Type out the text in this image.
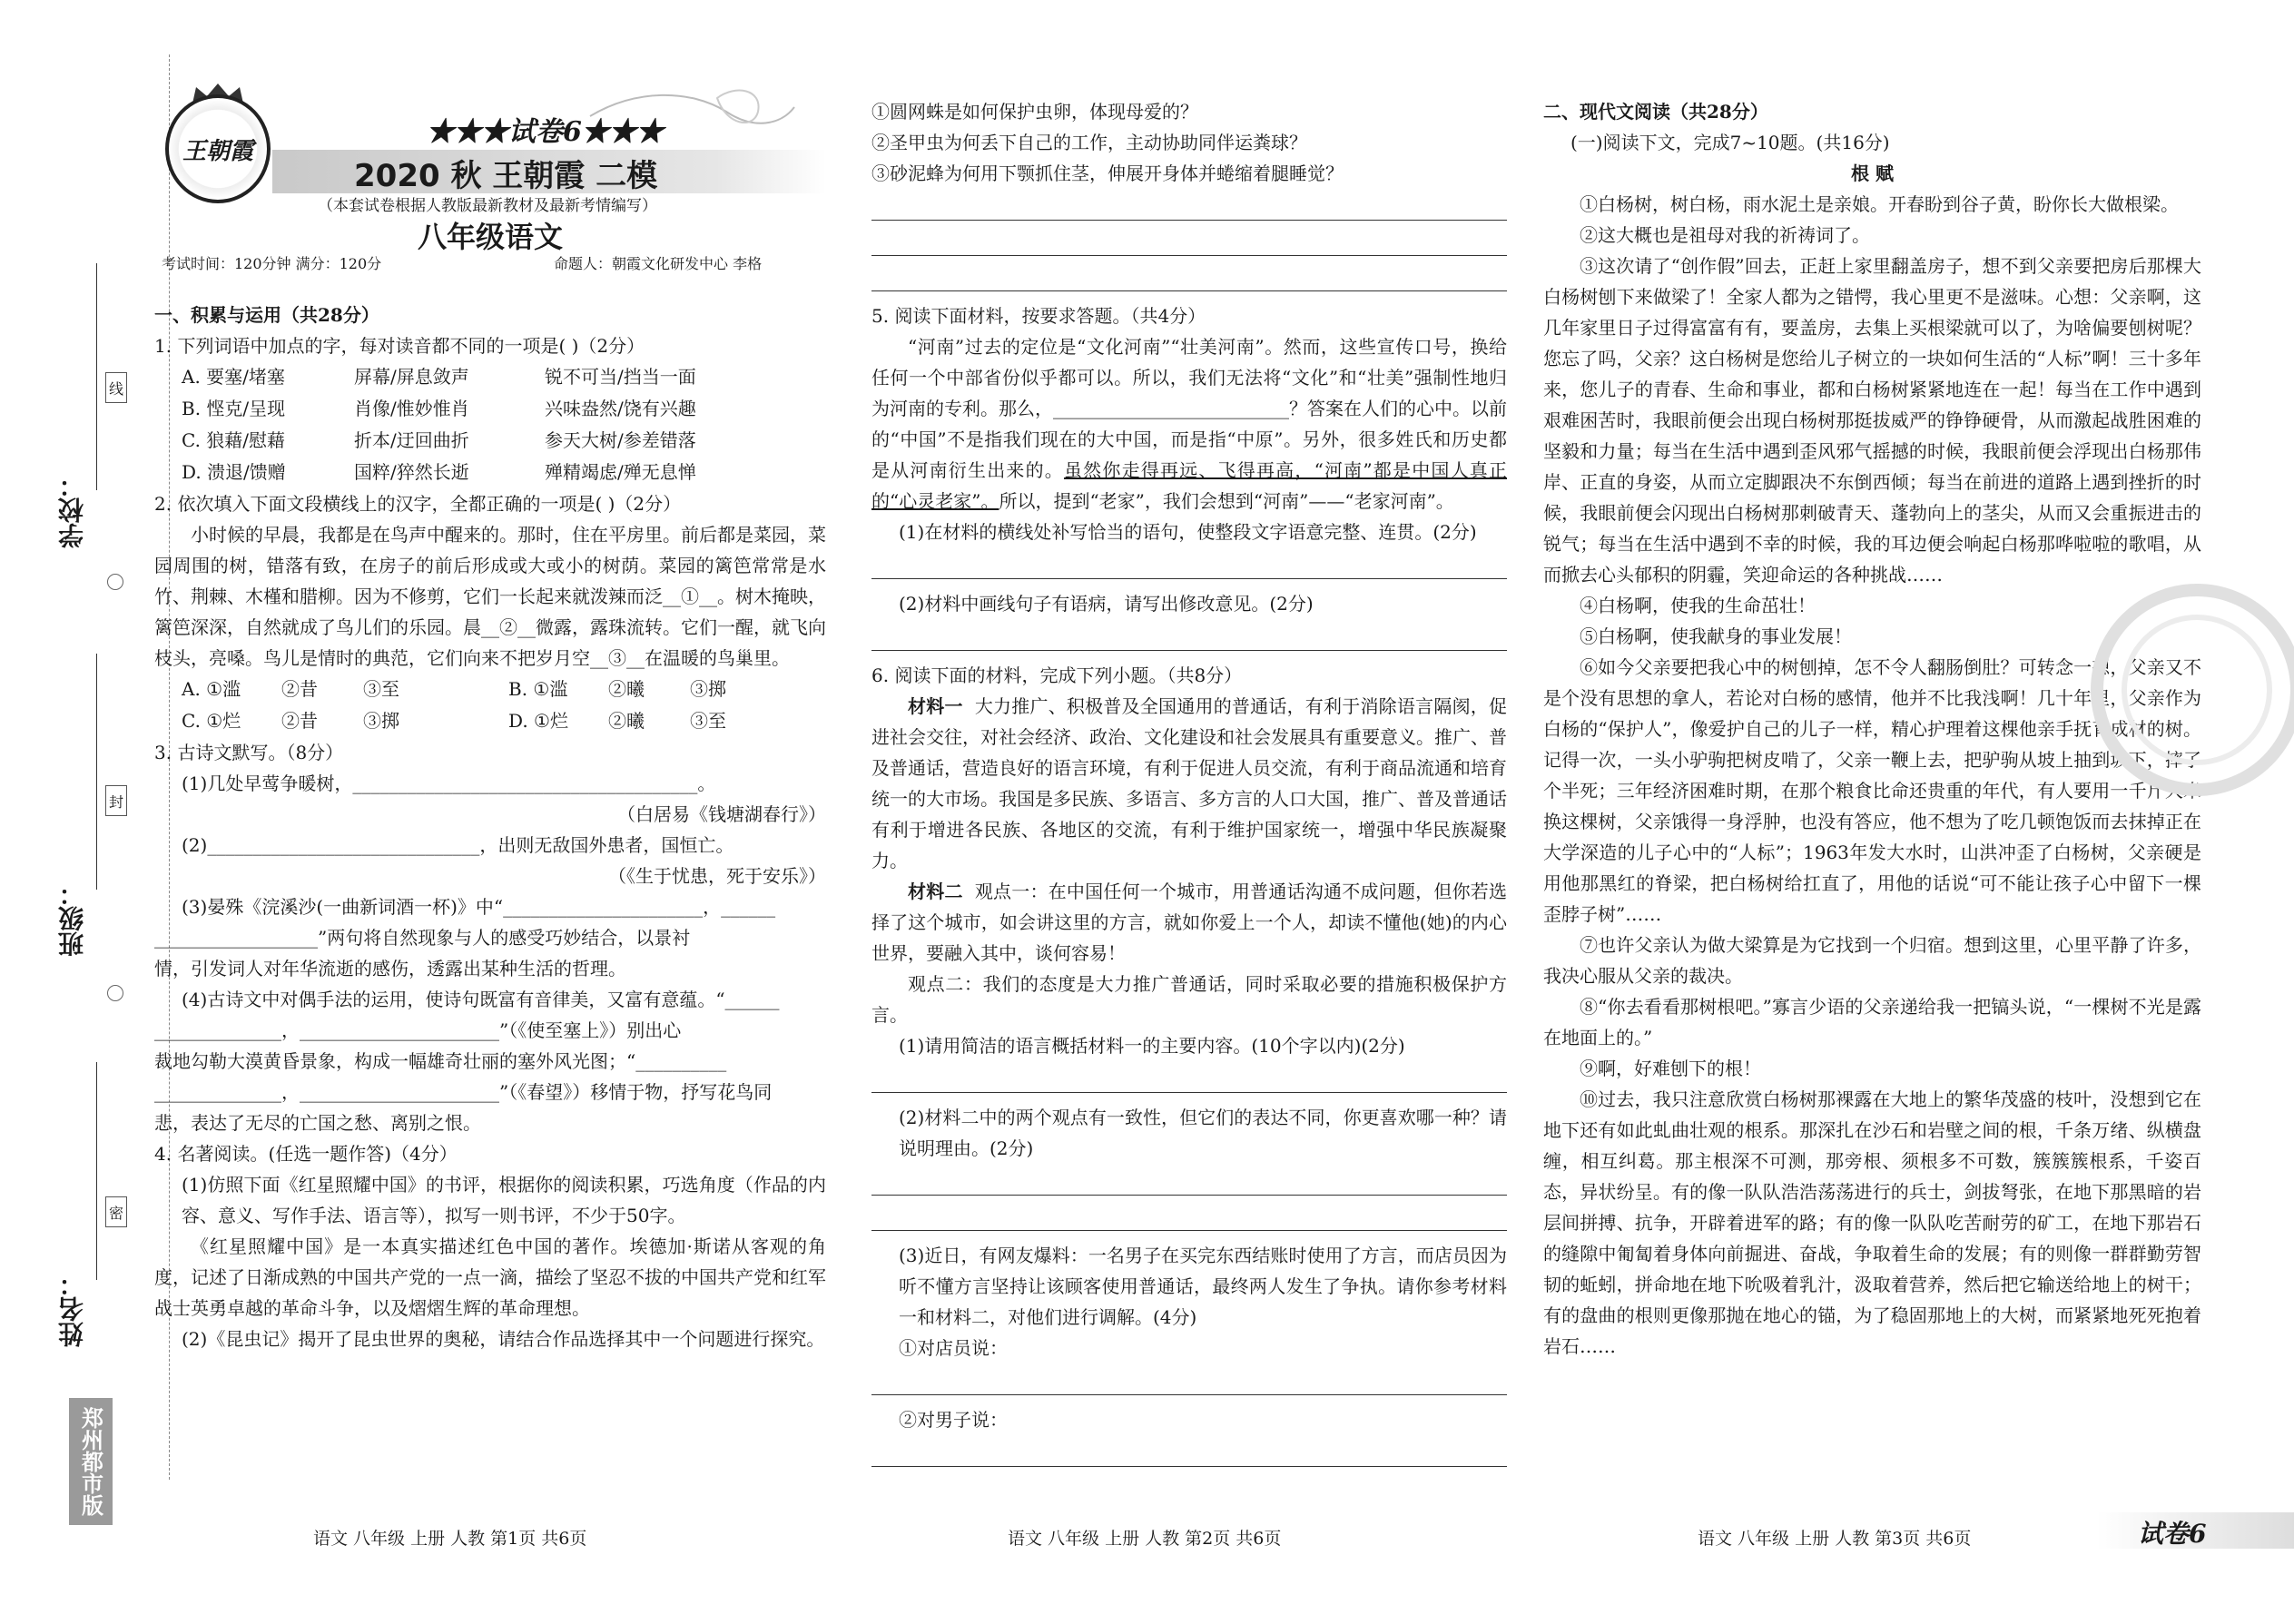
学校：
班级：
姓名：
线
封
密
郑州都市版
王朝霞
★★★试卷6★★★
2020 秋 王朝霞 二模
（本套试卷根据人教版最新教材及最新考情编写）
八年级语文
考试时间：120分钟 满分：120分	命题人：朝霞文化研发中心 李格
一、积累与运用（共28分）
1. 下列词语中加点的字，每对读音都不同的一项是( )（2分）
A. 要塞/堵塞	屏幕/屏息敛声	锐不可当/挡当一面
B. 悭克/呈现	肖像/惟妙惟肖	兴味盎然/饶有兴趣
C. 狼藉/慰藉	折本/迂回曲折	参天大树/参差错落
D. 溃退/馈赠	国粹/猝然长逝	殚精竭虑/殚无息惮
2. 依次填入下面文段横线上的汉字，全都正确的一项是( )（2分）
小时候的早晨，我都是在鸟声中醒来的。那时，住在平房里。前后都是菜园，菜园周围的树，错落有致，在房子的前后形成或大或小的树荫。菜园的篱笆常常是水竹、荆棘、木槿和腊柳。因为不修剪，它们一长起来就泼辣而泛__①__。树木掩映，篱笆深深，自然就成了鸟儿们的乐园。晨__②__微露，露珠流转。它们一醒，就飞向枝头，亮嗓。鸟儿是情时的典范，它们向来不把岁月空__③__在温暖的鸟巢里。
A. ①滥	②昔	③至	B. ①滥	②曦	③掷
C. ①烂	②昔	③掷	D. ①烂	②曦	③至
3. 古诗文默写。（8分）
(1)几处早莺争暖树，______________________________________。
（白居易《钱塘湖春行》）
(2)______________________________，出则无敌国外患者，国恒亡。
（《生于忧患，死于安乐》）
(3)晏殊《浣溪沙(一曲新词酒一杯)》中“______________________，______
__________________”两句将自然现象与人的感受巧妙结合，以景衬
情，引发词人对年华流逝的感伤，透露出某种生活的哲理。
(4)古诗文中对偶手法的运用，使诗句既富有音律美，又富有意蕴。“______
______________，______________________”（《使至塞上》）别出心
裁地勾勒大漠黄昏景象，构成一幅雄奇壮丽的塞外风光图；“__________
______________，______________________”（《春望》）移情于物，抒写花鸟同
悲，表达了无尽的亡国之愁、离别之恨。
4. 名著阅读。(任选一题作答)（4分）
(1)仿照下面《红星照耀中国》的书评，根据你的阅读积累，巧选角度（作品的内容、意义、写作手法、语言等），拟写一则书评，不少于50字。
《红星照耀中国》是一本真实描述红色中国的著作。埃德加·斯诺从客观的角度，记述了日渐成熟的中国共产党的一点一滴，描绘了坚忍不拔的中国共产党和红军战士英勇卓越的革命斗争，以及熠熠生辉的革命理想。
(2)《昆虫记》揭开了昆虫世界的奥秘，请结合作品选择其中一个问题进行探究。
语文 八年级 上册 人教 第1页 共6页
①圆网蛛是如何保护虫卵，体现母爱的？
②圣甲虫为何丢下自己的工作，主动协助同伴运粪球？
③砂泥蜂为何用下颚抓住茎，伸展开身体并蜷缩着腿睡觉？
5. 阅读下面材料，按要求答题。（共4分）
“河南”过去的定位是“文化河南”“壮美河南”。然而，这些宣传口号，换给任何一个中部省份似乎都可以。所以，我们无法将“文化”和“壮美”强制性地归为河南的专利。那么，__________________________？答案在人们的心中。以前的“中国”不是指我们现在的大中国，而是指“中原”。另外，很多姓氏和历史都是从河南衍生出来的。虽然你走得再远、飞得再高，“河南”都是中国人真正的“心灵老家”。所以，提到“老家”，我们会想到“河南”——“老家河南”。
(1)在材料的横线处补写恰当的语句，使整段文字语意完整、连贯。(2分)
(2)材料中画线句子有语病，请写出修改意见。(2分)
6. 阅读下面的材料，完成下列小题。（共8分）
材料一 大力推广、积极普及全国通用的普通话，有利于消除语言隔阂，促进社会交往，对社会经济、政治、文化建设和社会发展具有重要意义。推广、普及普通话，营造良好的语言环境，有利于促进人员交流，有利于商品流通和培育统一的大市场。我国是多民族、多语言、多方言的人口大国，推广、普及普通话有利于增进各民族、各地区的交流，有利于维护国家统一，增强中华民族凝聚力。
材料二 观点一：在中国任何一个城市，用普通话沟通不成问题，但你若选择了这个城市，如会讲这里的方言，就如你爱上一个人，却读不懂他(她)的内心世界，要融入其中，谈何容易！
观点二：我们的态度是大力推广普通话，同时采取必要的措施积极保护方言。
(1)请用简洁的语言概括材料一的主要内容。(10个字以内)(2分)
(2)材料二中的两个观点有一致性，但它们的表达不同，你更喜欢哪一种？请说明理由。(2分)
(3)近日，有网友爆料：一名男子在买完东西结账时使用了方言，而店员因为听不懂方言坚持让该顾客使用普通话，最终两人发生了争执。请你参考材料一和材料二，对他们进行调解。(4分)
①对店员说：
②对男子说：
语文 八年级 上册 人教 第2页 共6页
二、现代文阅读（共28分）
(一)阅读下文，完成7~10题。(共16分)
根 赋
①白杨树，树白杨，雨水泥土是亲娘。开春盼到谷子黄，盼你长大做根梁。
②这大概也是祖母对我的祈祷词了。
③这次请了“创作假”回去，正赶上家里翻盖房子，想不到父亲要把房后那棵大白杨树刨下来做梁了！全家人都为之错愕，我心里更不是滋味。心想：父亲啊，这几年家里日子过得富富有有，要盖房，去集上买根梁就可以了，为啥偏要刨树呢？您忘了吗，父亲？这白杨树是您给儿子树立的一块如何生活的“人标”啊！三十多年来，您儿子的青春、生命和事业，都和白杨树紧紧地连在一起！每当在工作中遇到艰难困苦时，我眼前便会出现白杨树那挺拔威严的铮铮硬骨，从而激起战胜困难的坚毅和力量；每当在生活中遇到歪风邪气摇撼的时候，我眼前便会浮现出白杨那伟岸、正直的身姿，从而立定脚跟决不东倒西倾；每当在前进的道路上遇到挫折的时候，我眼前便会闪现出白杨树那刺破青天、蓬勃向上的茎尖，从而又会重振进击的锐气；每当在生活中遇到不幸的时候，我的耳边便会响起白杨那哗啦啦的歌唱，从而掀去心头郁积的阴霾，笑迎命运的各种挑战……
④白杨啊，使我的生命茁壮！
⑤白杨啊，使我献身的事业发展！
⑥如今父亲要把我心中的树刨掉，怎不令人翻肠倒肚？可转念一想，父亲又不是个没有思想的拿人，若论对白杨的感情，他并不比我浅啊！几十年里，父亲作为白杨的“保护人”，像爱护自己的儿子一样，精心护理着这棵他亲手抚育成材的树。记得一次，一头小驴驹把树皮啃了，父亲一鞭上去，把驴驹从坡上抽到坡下，摔了个半死；三年经济困难时期，在那个粮食比命还贵重的年代，有人要用一千斤大米换这棵树，父亲饿得一身浮肿，也没有答应，他不想为了吃几顿饱饭而去抹掉正在大学深造的儿子心中的“人标”；1963年发大水时，山洪冲歪了白杨树，父亲硬是用他那黑红的脊梁，把白杨树给扛直了，用他的话说“可不能让孩子心中留下一棵歪脖子树”……
⑦也许父亲认为做大梁算是为它找到一个归宿。想到这里，心里平静了许多，我决心服从父亲的裁决。
⑧“你去看看那树根吧。”寡言少语的父亲递给我一把镐头说，“一棵树不光是露在地面上的。”
⑨啊，好难刨下的根！
⑩过去，我只注意欣赏白杨树那裸露在大地上的繁华茂盛的枝叶，没想到它在地下还有如此虬曲壮观的根系。那深扎在沙石和岩壁之间的根，千条万绪、纵横盘缠，相互纠葛。那主根深不可测，那旁根、须根多不可数，簇簇簇根系，千姿百态，异状纷呈。有的像一队队浩浩荡荡进行的兵士，剑拔弩张，在地下那黑暗的岩层间拼搏、抗争，开辟着进军的路；有的像一队队吃苦耐劳的矿工，在地下那岩石的缝隙中匍匐着身体向前掘进、奋战，争取着生命的发展；有的则像一群群勤劳智韧的蚯蚓，拼命地在地下吮吸着乳汁，汲取着营养，然后把它输送给地上的树干；有的盘曲的根则更像那抛在地心的锚，为了稳固那地上的大树，而紧紧地死死抱着岩石……
语文 八年级 上册 人教 第3页 共6页	试卷6
